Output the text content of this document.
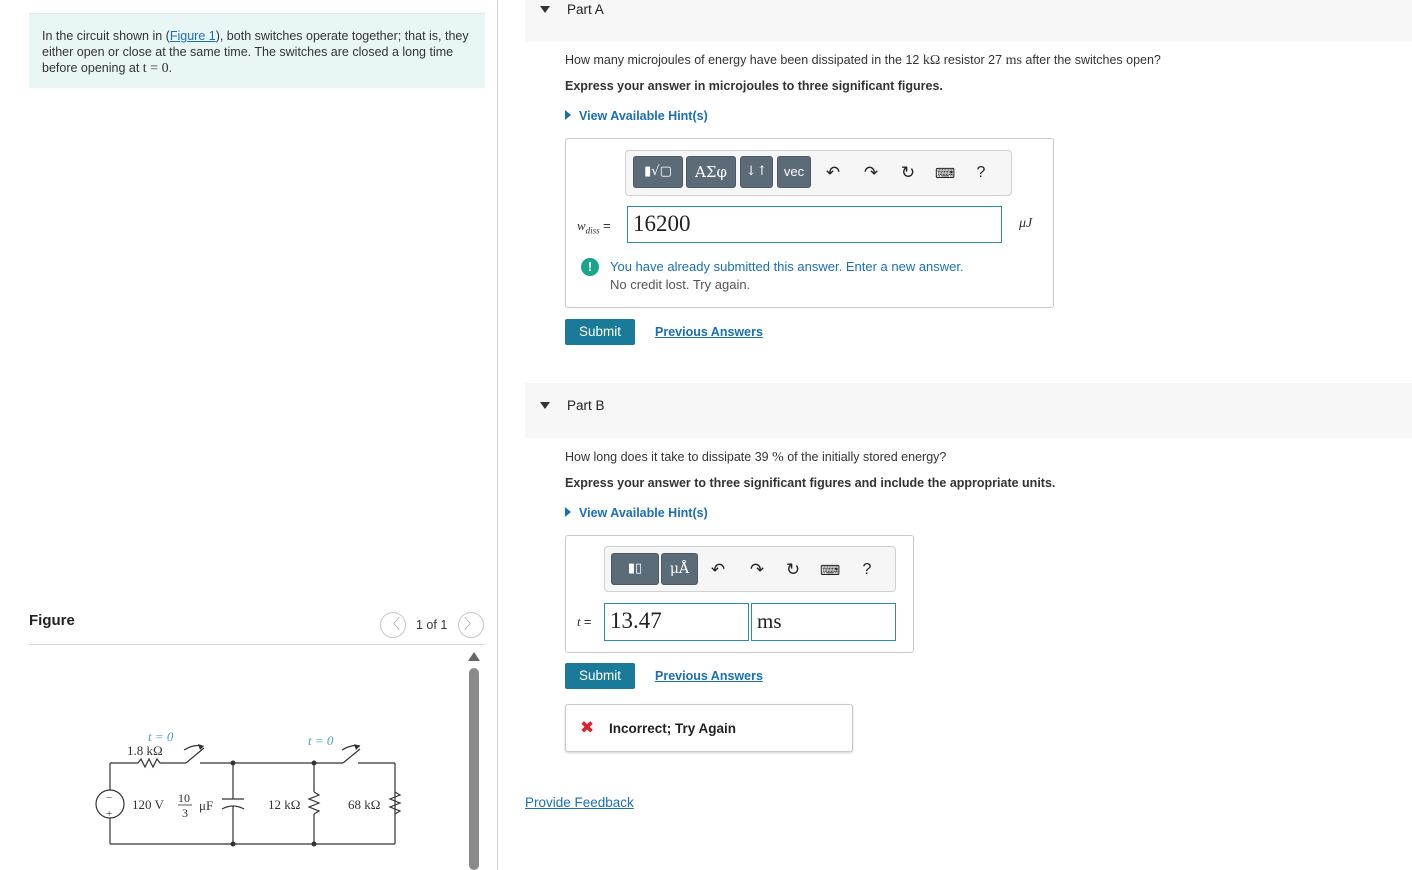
In the circuit shown in (Figure 1), both switches operate together; that is, they either open or close at the same time. The switches are closed a long time before opening at t = 0.
Figure	〈	1 of 1	〉
t = 0	t = 0
1.8 kΩ
120 V 10
3 μF	12 kΩ	68 kΩ
−
+
Part A
How many microjoules of energy have been dissipated in the 12 kΩ resistor 27 ms after the switches open?
Express your answer in microjoules to three significant figures.
View Available Hint(s)
▮√▢	ΑΣφ	↓↑	vec	↶ ↷ ↻ ⌨	?
$w_{diss} = 16200$	μJ
!	You have already submitted this answer. Enter a new answer.
No credit lost. Try again.
Submit	Previous Answers
Part B
How long does it take to dissipate 39 % of the initially stored energy?
Express your answer to three significant figures and include the appropriate units.
View Available Hint(s)
▮▯	μÅ	↶ ↷ ↻ ⌨	?
t = 13.47	ms
Submit	Previous Answers
✖ Incorrect; Try Again
Provide Feedback
